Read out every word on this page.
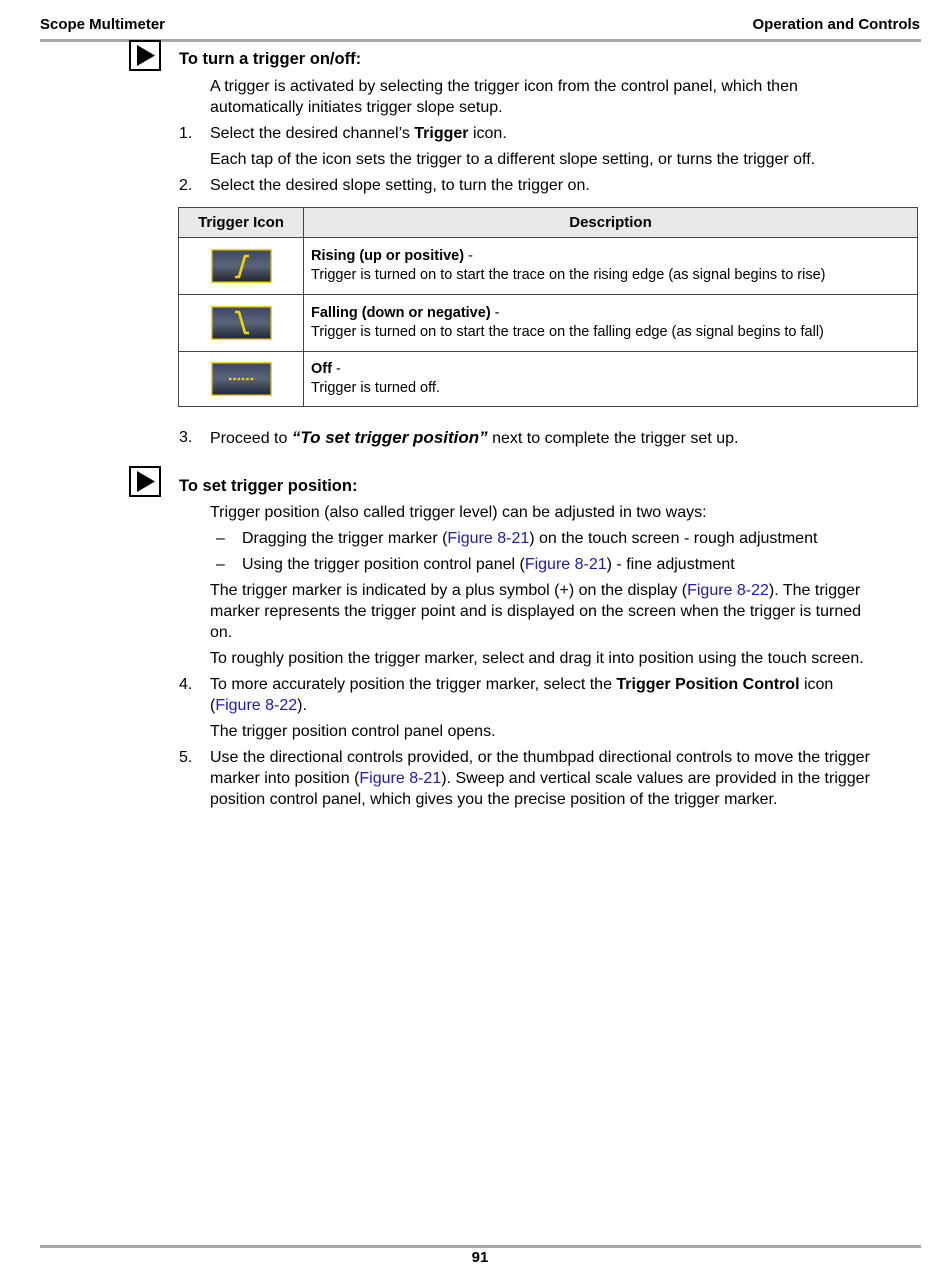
Scope Multimeter	Operation and Controls
To turn a trigger on/off:
A trigger is activated by selecting the trigger icon from the control panel, which then
automatically initiates trigger slope setup.
1. Select the desired channel’s Trigger icon.
Each tap of the icon sets the trigger to a different slope setting, or turns the trigger off.
2. Select the desired slope setting, to turn the trigger on.
Trigger Icon	Description

Rising (up or positive) -
Trigger is turned on to start the trace on the rising edge (as signal begins to rise)

Falling (down or negative) -
Trigger is turned on to start the trace on the falling edge (as signal begins to fall)

Off -
Trigger is turned off.
3. Proceed to “To set trigger position” next to complete the trigger set up.
To set trigger position:
Trigger position (also called trigger level) can be adjusted in two ways:
– Dragging the trigger marker (Figure 8-21) on the touch screen - rough adjustment
– Using the trigger position control panel (Figure 8-21) - fine adjustment
The trigger marker is indicated by a plus symbol (+) on the display (Figure 8-22). The trigger
marker represents the trigger point and is displayed on the screen when the trigger is turned
on.
To roughly position the trigger marker, select and drag it into position using the touch screen.
4. To more accurately position the trigger marker, select the Trigger Position Control icon
(Figure 8-22).
The trigger position control panel opens.
5. Use the directional controls provided, or the thumbpad directional controls to move the trigger
marker into position (Figure 8-21). Sweep and vertical scale values are provided in the trigger
position control panel, which gives you the precise position of the trigger marker.
91
